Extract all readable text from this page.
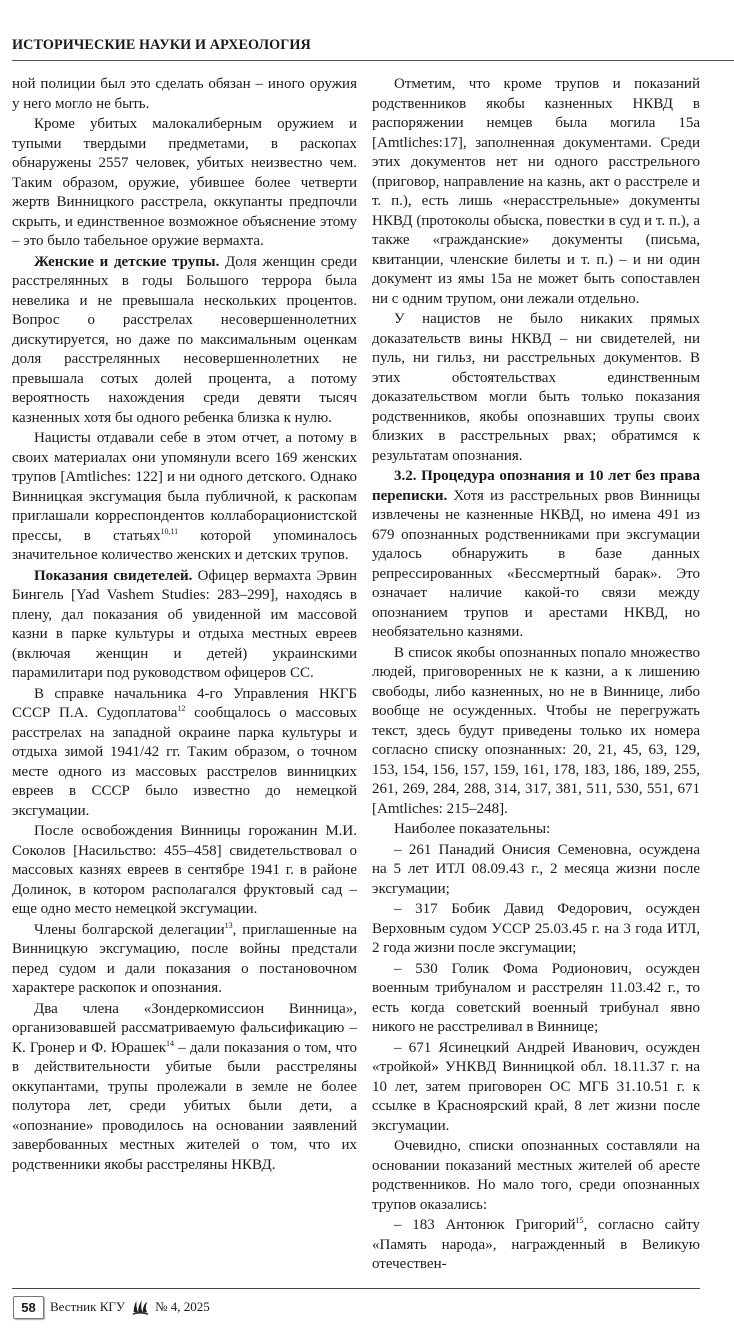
ИСТОРИЧЕСКИЕ НАУКИ И АРХЕОЛОГИЯ

ной полиции был это сделать обязан – иного оружия у него могло не быть.

Кроме убитых малокалиберным оружием и тупыми твердыми предметами, в раскопах обнаружены 2557 человек, убитых неизвестно чем. Таким образом, оружие, убившее более четверти жертв Винницкого расстрела, оккупанты предпочли скрыть, и единственное возможное объяснение этому – это было табельное оружие вермахта.

Женские и детские трупы. Доля женщин среди расстрелянных в годы Большого террора была невелика и не превышала нескольких процентов. Вопрос о расстрелах несовершеннолетних дискутируется, но даже по максимальным оценкам доля расстрелянных несовершеннолетних не превышала сотых долей процента, а потому вероятность нахождения среди девяти тысяч казненных хотя бы одного ребенка близка к нулю.

Нацисты отдавали себе в этом отчет, а потому в своих материалах они упомянули всего 169 женских трупов [Amtliches: 122] и ни одного детского. Однако Винницкая эксгумация была публичной, к раскопам приглашали корреспондентов коллаборационистской прессы, в статьях$^{10,11}$ которой упоминалось значительное количество женских и детских трупов.

Показания свидетелей. Офицер вермахта Эрвин Бингель [Yad Vashem Studies: 283–299], находясь в плену, дал показания об увиденной им массовой казни в парке культуры и отдыха местных евреев (включая женщин и детей) украинскими парамилитари под руководством офицеров СС.

В справке начальника 4-го Управления НКГБ СССР П.А. Судоплатова$^{12}$ сообщалось о массовых расстрелах на западной окраине парка культуры и отдыха зимой 1941/42 гг. Таким образом, о точном месте одного из массовых расстрелов винницких евреев в СССР было известно до немецкой эксгумации.

После освобождения Винницы горожанин М.И. Соколов [Насильство: 455–458] свидетельствовал о массовых казнях евреев в сентябре 1941 г. в районе Долинок, в котором располагался фруктовый сад – еще одно место немецкой эксгумации.

Члены болгарской делегации$^{13}$, приглашенные на Винницкую эксгумацию, после войны предстали перед судом и дали показания о постановочном характере раскопок и опознания.

Два члена «Зондеркомиссион Винница», организовавшей рассматриваемую фальсификацию – К. Гронер и Ф. Юрашек$^{14}$ – дали показания о том, что в действительности убитые были расстреляны оккупантами, трупы пролежали в земле не более полутора лет, среди убитых были дети, а «опознание» проводилось на основании заявлений завербованных местных жителей о том, что их родственники якобы расстреляны НКВД.

Отметим, что кроме трупов и показаний родственников якобы казненных НКВД в распоряжении немцев была могила 15а [Amtliches:17], заполненная документами. Среди этих документов нет ни одного расстрельного (приговор, направление на казнь, акт о расстреле и т. п.), есть лишь «нерасстрельные» документы НКВД (протоколы обыска, повестки в суд и т. п.), а также «гражданские» документы (письма, квитанции, членские билеты и т. п.) – и ни один документ из ямы 15а не может быть сопоставлен ни с одним трупом, они лежали отдельно.

У нацистов не было никаких прямых доказательств вины НКВД – ни свидетелей, ни пуль, ни гильз, ни расстрельных документов. В этих обстоятельствах единственным доказательством могли быть только показания родственников, якобы опознавших трупы своих близких в расстрельных рвах; обратимся к результатам опознания.

3.2. Процедура опознания и 10 лет без права переписки. Хотя из расстрельных рвов Винницы извлечены не казненные НКВД, но имена 491 из 679 опознанных родственниками при эксгумации удалось обнаружить в базе данных репрессированных «Бессмертный барак». Это означает наличие какой-то связи между опознанием трупов и арестами НКВД, но необязательно казнями.

В список якобы опознанных попало множество людей, приговоренных не к казни, а к лишению свободы, либо казненных, но не в Виннице, либо вообще не осужденных. Чтобы не перегружать текст, здесь будут приведены только их номера согласно списку опознанных: 20, 21, 45, 63, 129, 153, 154, 156, 157, 159, 161, 178, 183, 186, 189, 255, 261, 269, 284, 288, 314, 317, 381, 511, 530, 551, 671 [Amtliches: 215–248].

Наиболее показательны:

– 261 Панадий Онисия Семеновна, осуждена на 5 лет ИТЛ 08.09.43 г., 2 месяца жизни после эксгумации;

– 317 Бобик Давид Федорович, осужден Верховным судом УССР 25.03.45 г. на 3 года ИТЛ, 2 года жизни после эксгумации;

– 530 Голик Фома Родионович, осужден военным трибуналом и расстрелян 11.03.42 г., то есть когда советский военный трибунал явно никого не расстреливал в Виннице;

– 671 Ясинецкий Андрей Иванович, осужден «тройкой» УНКВД Винницкой обл. 18.11.37 г. на 10 лет, затем приговорен ОС МГБ 31.10.51 г. к ссылке в Красноярский край, 8 лет жизни после эксгумации.

Очевидно, списки опознанных составляли на основании показаний местных жителей об аресте родственников. Но мало того, среди опознанных трупов оказались:

– 183 Антонюк Григорий$^{15}$, согласно сайту «Память народа», награжденный в Великую отечествен-

58	Вестник КГУ № 4, 2025
